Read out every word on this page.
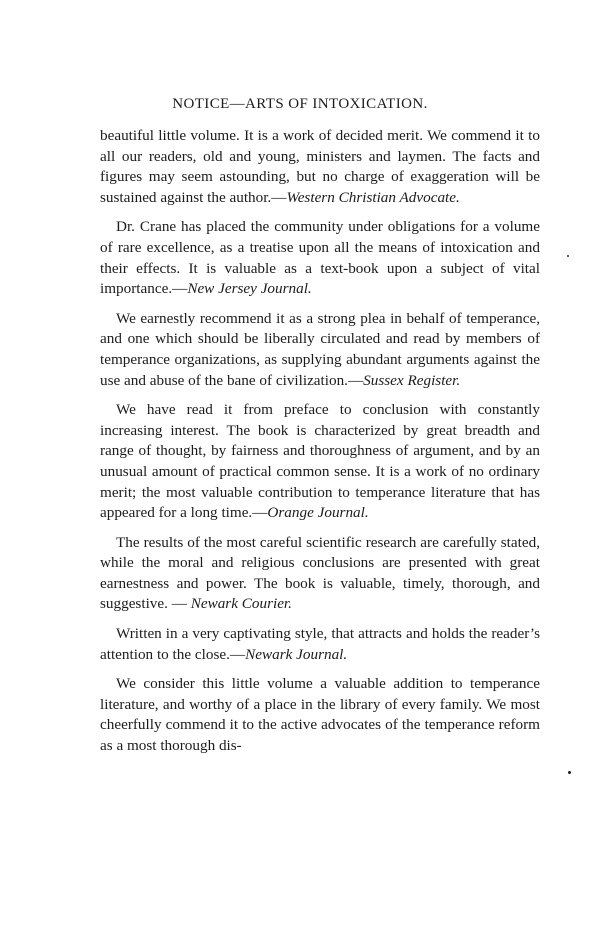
NOTICE—ARTS OF INTOXICATION.

beautiful little volume. It is a work of decided merit. We commend it to all our readers, old and young, ministers and laymen. The facts and figures may seem astounding, but no charge of exaggeration will be sustained against the author.—Western Christian Advocate.

Dr. Crane has placed the community under obligations for a volume of rare excellence, as a treatise upon all the means of intoxication and their effects. It is valuable as a text-book upon a subject of vital importance.—New Jersey Journal.

We earnestly recommend it as a strong plea in behalf of temperance, and one which should be liberally circulated and read by members of temperance organizations, as supplying abundant arguments against the use and abuse of the bane of civilization.—Sussex Register.

We have read it from preface to conclusion with constantly increasing interest. The book is characterized by great breadth and range of thought, by fairness and thoroughness of argument, and by an unusual amount of practical common sense. It is a work of no ordinary merit; the most valuable contribution to temperance literature that has appeared for a long time.—Orange Journal.

The results of the most careful scientific research are carefully stated, while the moral and religious conclusions are presented with great earnestness and power. The book is valuable, timely, thorough, and suggestive. — Newark Courier.

Written in a very captivating style, that attracts and holds the reader’s attention to the close.—Newark Journal.

We consider this little volume a valuable addition to temperance literature, and worthy of a place in the library of every family. We most cheerfully commend it to the active advocates of the temperance reform as a most thorough dis-
